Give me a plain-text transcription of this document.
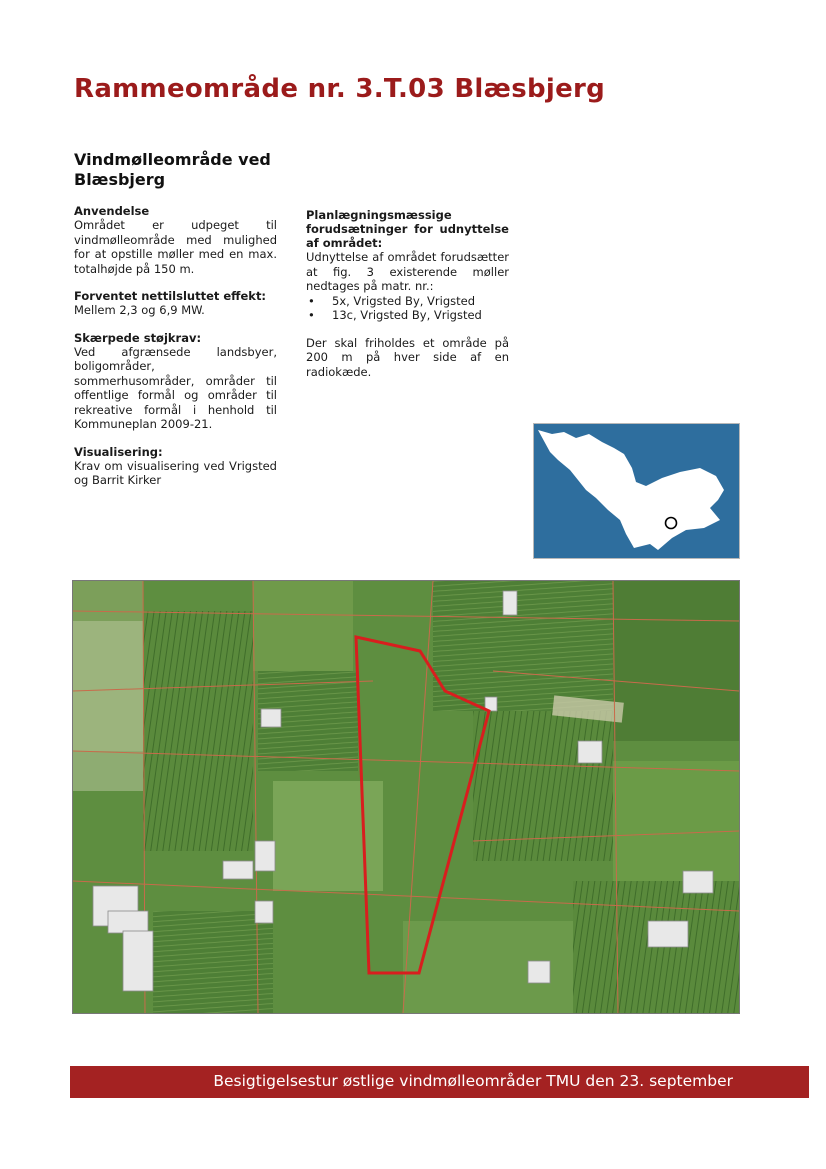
Rammeområde nr. 3.T.03 Blæsbjerg
Vindmølleområde ved Blæsbjerg
Anvendelse

Området er udpeget til vindmølleområde med mulighed for at opstille møller med en max. totalhøjde på 150 m.

Forventet nettilsluttet effekt:

Mellem 2,3 og 6,9 MW.

Skærpede støjkrav:

Ved afgrænsede landsbyer, boligområder, sommerhusområder, områder til offentlige formål og områder til rekreative formål i henhold til Kommuneplan 2009-21.

Visualisering:

Krav om visualisering ved Vrigsted og Barrit Kirker

Planlægningsmæssige forudsætninger for udnyttelse af området:

Udnyttelse af området forudsætter at fig. 3 existerende møller nedtages på matr. nr.:

• 5x, Vrigsted By, Vrigsted
• 13c, Vrigsted By, Vrigsted

Der skal friholdes et område på 200 m på hver side af en radiokæde.

Besigtigelsestur østlige vindmølleområder TMU den 23. september
